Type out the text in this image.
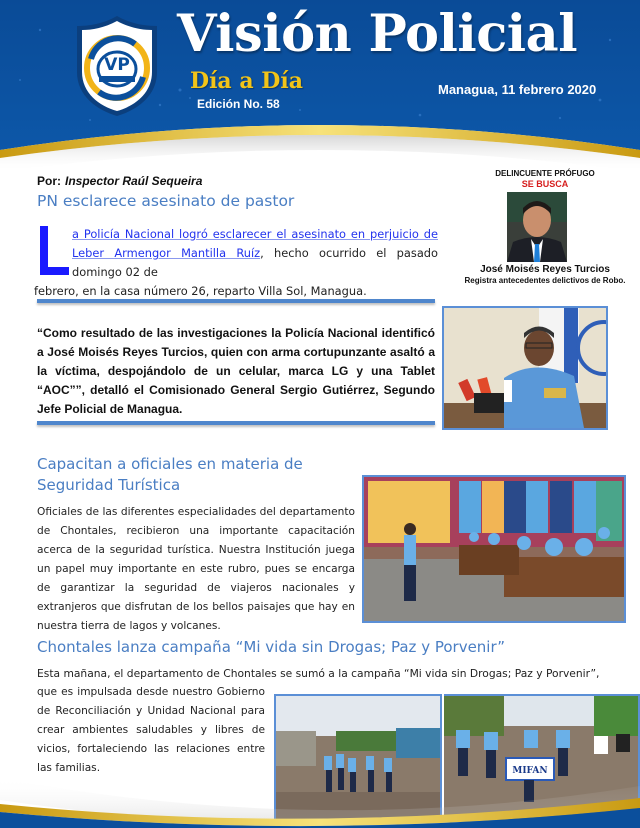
VP
Visión Policial
Día a Día
Edición No. 58
Managua, 11 febrero 2020
Por: Inspector Raúl Sequeira
PN esclarece asesinato de pastor
a Policía Nacional logró esclarecer el asesinato en perjuicio de Leber Armengor Mantilla Ruíz, hecho ocurrido el pasado domingo 02 de
febrero, en la casa número 26, reparto Villa Sol, Managua.
“Como resultado de las investigaciones la Policía Nacional identificó a José Moisés Reyes Turcios, quien con arma cortupunzante asaltó a la víctima, despojándolo de un celular, marca LG y una Tablet “AOC””, detalló el Comisionado General Sergio Gutiérrez, Segundo Jefe Policial de Managua.
DELINCUENTE PRÓFUGO
SE BUSCA
José Moisés Reyes Turcios
Registra antecedentes delictivos de Robo.
Capacitan a oficiales en materia de
Seguridad Turística
Oficiales de las diferentes especialidades del departamento de Chontales, recibieron una importante capacitación acerca de la seguridad turística. Nuestra Institución juega un papel muy importante en este rubro, pues se encarga de garantizar la seguridad de viajeros nacionales y extranjeros que disfrutan de los bellos paisajes que hay en nuestra tierra de lagos y volcanes.
Chontales lanza campaña “Mi vida sin Drogas; Paz y Porvenir”
Esta mañana, el departamento de Chontales se sumó a la campaña “Mi vida sin Drogas; Paz y Porvenir”,
que es impulsada desde nuestro Gobierno de Reconciliación y Unidad Nacional para crear ambientes saludables y libres de vicios, fortaleciendo las relaciones entre las familias.	MIFAN
